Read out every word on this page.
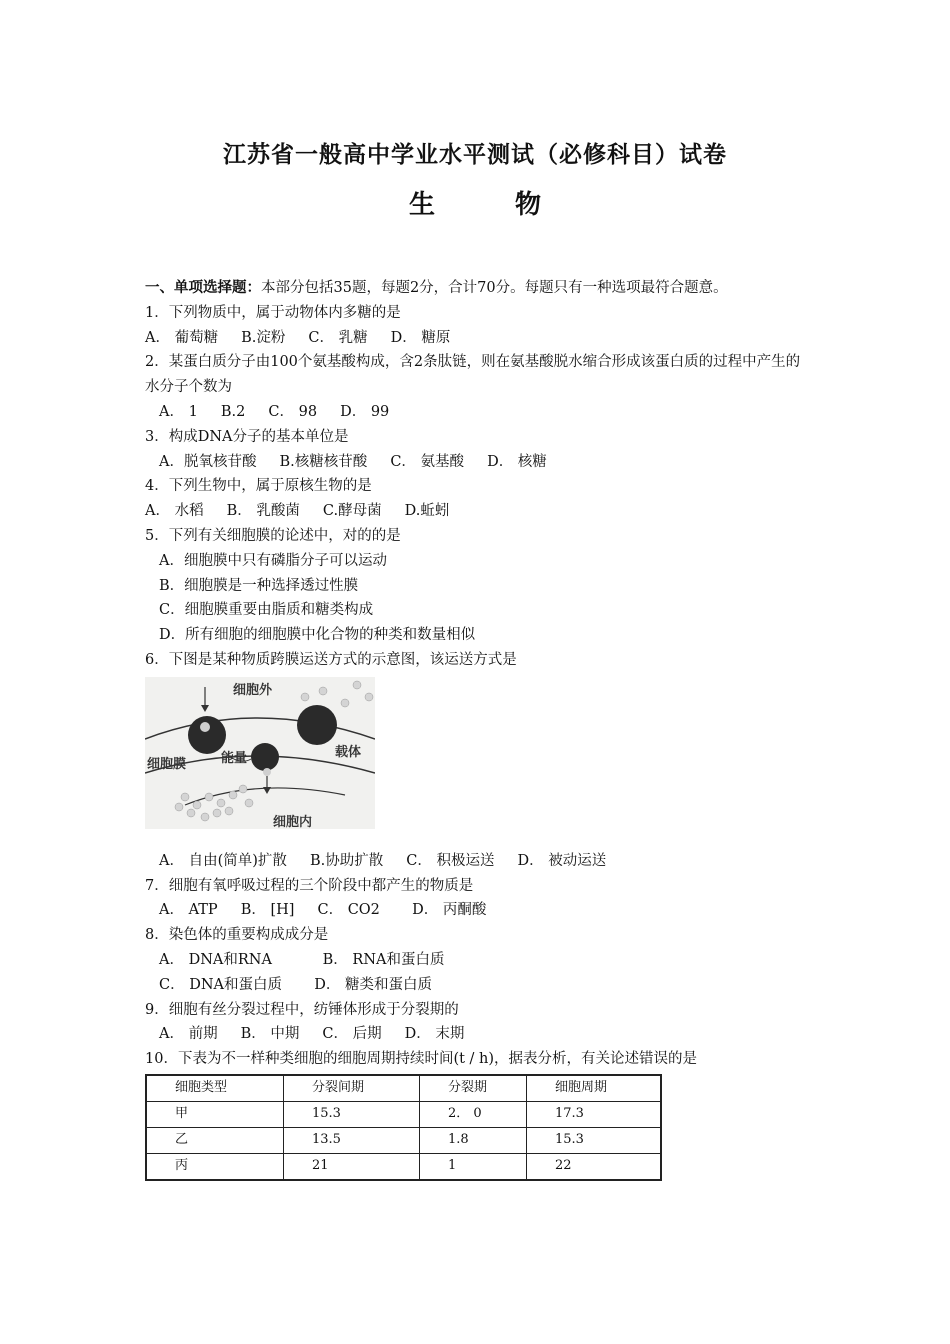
江苏省一般高中学业水平测试（必修科目）试卷
生	物
一、单项选择题：本部分包括35题，每题2分，合计70分。每题只有一种选项最符合题意。
1．下列物质中，属于动物体内多糖的是
A． 葡萄糖     B.淀粉     C． 乳糖     D． 糖原
2．某蛋白质分子由100个氨基酸构成，含2条肽链，则在氨基酸脱水缩合形成该蛋白质的过程中产生的水分子个数为
A． 1     B.2     C． 98     D． 99
3．构成DNA分子的基本单位是
A．脱氧核苷酸     B.核糖核苷酸     C． 氨基酸     D． 核糖
4．下列生物中，属于原核生物的是
A． 水稻     B． 乳酸菌     C.酵母菌     D.蚯蚓
5．下列有关细胞膜的论述中，对的的是
A．细胞膜中只有磷脂分子可以运动
B．细胞膜是一种选择透过性膜
C．细胞膜重要由脂质和糖类构成
D．所有细胞的细胞膜中化合物的种类和数量相似
6．下图是某种物质跨膜运送方式的示意图，该运送方式是
细胞外
细胞膜	能量	载体
细胞内
A． 自由(简单)扩散     B.协助扩散     C． 积极运送     D． 被动运送
7．细胞有氧呼吸过程的三个阶段中都产生的物质是
A． ATP     B． [H]     C． CO2       D． 丙酮酸
8．染色体的重要构成成分是
A． DNA和RNA           B． RNA和蛋白质
C． DNA和蛋白质       D． 糖类和蛋白质
9．细胞有丝分裂过程中，纺锤体形成于分裂期的
A． 前期     B． 中期     C． 后期     D． 末期
10．下表为不一样种类细胞的细胞周期持续时间(t / h)，据表分析，有关论述错误的是
细胞类型	分裂间期	分裂期	细胞周期
甲	15.3	2． 0	17.3
乙	13.5	1.8	15.3
丙	21	1	22
